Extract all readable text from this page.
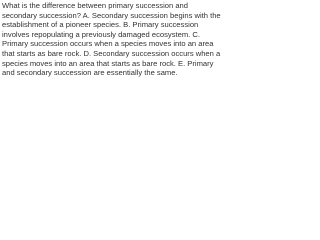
What is the difference between primary succession and
secondary succession? A. Secondary succession begins with the
establishment of a pioneer species. B. Primary succession
involves repopulating a previously damaged ecosystem. C.
Primary succession occurs when a species moves into an area
that starts as bare rock. D. Secondary succession occurs when a
species moves into an area that starts as bare rock. E. Primary
and secondary succession are essentially the same.
